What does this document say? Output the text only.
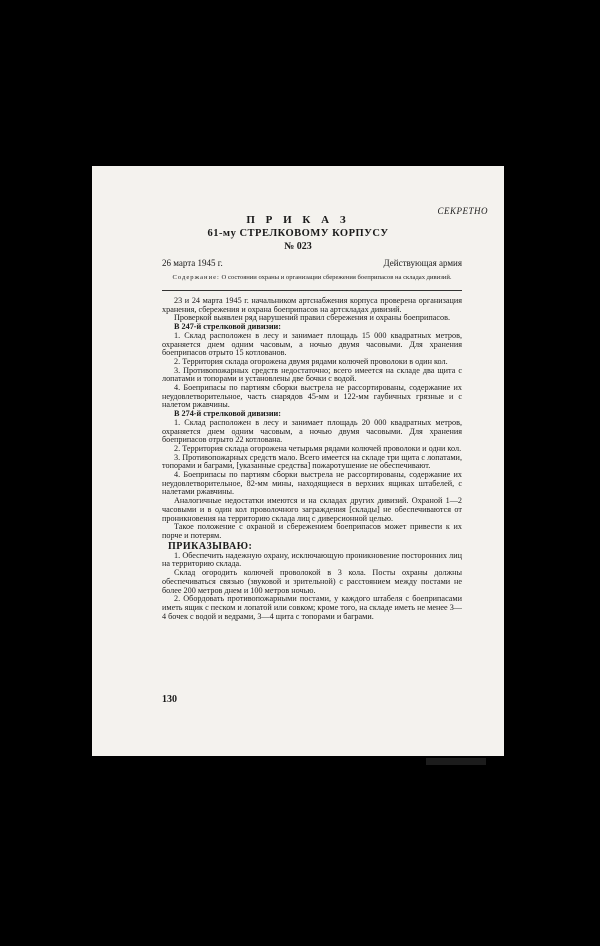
СЕКРЕТНО
П Р И К А З
61-му СТРЕЛКОВОМУ КОРПУСУ
№ 023
26 марта 1945 г.	Действующая армия
Содержание: О состоянии охраны и организации сбережения боеприпасов на складах дивизий.

23 и 24 марта 1945 г. начальником артснабжения корпуса проверена организация хранения, сбережения и охрана боеприпасов на артскладах дивизий.

Проверкой выявлен ряд нарушений правил сбережения и охраны боеприпасов.

В 247-й стрелковой дивизии:

1. Склад расположен в лесу и занимает площадь 15 000 квадратных метров, охраняется днем одним часовым, а ночью двумя часовыми. Для хранения боеприпасов отрыто 15 котлованов.

2. Территория склада огорожена двумя рядами колючей проволоки в один кол.

3. Противопожарных средств недостаточно; всего имеется на складе два щита с лопатами и топорами и установлены две бочки с водой.

4. Боеприпасы по партиям сборки выстрела не рассортированы, содержание их неудовлетворительное, часть снарядов 45-мм и 122-мм гаубичных грязные и с налетом ржавчины.

В 274-й стрелковой дивизии:

1. Склад расположен в лесу и занимает площадь 20 000 квадратных метров, охраняется днем одним часовым, а ночью двумя часовыми. Для хранения боеприпасов отрыто 22 котлована.

2. Территория склада огорожена четырьмя рядами колючей проволоки и одни кол.

3. Противопожарных средств мало. Всего имеется на складе три щита с лопатами, топорами и баграми, [указанные средства] пожаротушение не обеспечивают.

4. Боеприпасы по партиям сборки выстрела не рассортированы, содержание их неудовлетворительное, 82-мм мины, находящиеся в верхних ящиках штабелей, с налетами ржавчины.

Аналогичные недостатки имеются и на складах других дивизий. Охраной 1—2 часовыми и в один кол проволочного заграждения [склады] не обеспечиваются от проникновения на территорию склада лиц с диверсионной целью.

Такое положение с охраной и сбережением боеприпасов может привести к их порче и потерям.

ПРИКАЗЫВАЮ:

1. Обеспечить надежную охрану, исключающую проникновение посторонних лиц на территорию склада.

Склад огородить колючей проволокой в 3 кола. Посты охраны должны обеспечиваться связью (звуковой и зрительной) с расстоянием между постами не более 200 метров днем и 100 метров ночью.

2. Обордовать противопожарными постами, у каждого штабеля с боеприпасами иметь ящик с песком и лопатой или совком; кроме того, на складе иметь не менее 3—4 бочек с водой и ведрами, 3—4 щита с топорами и баграми.

130
